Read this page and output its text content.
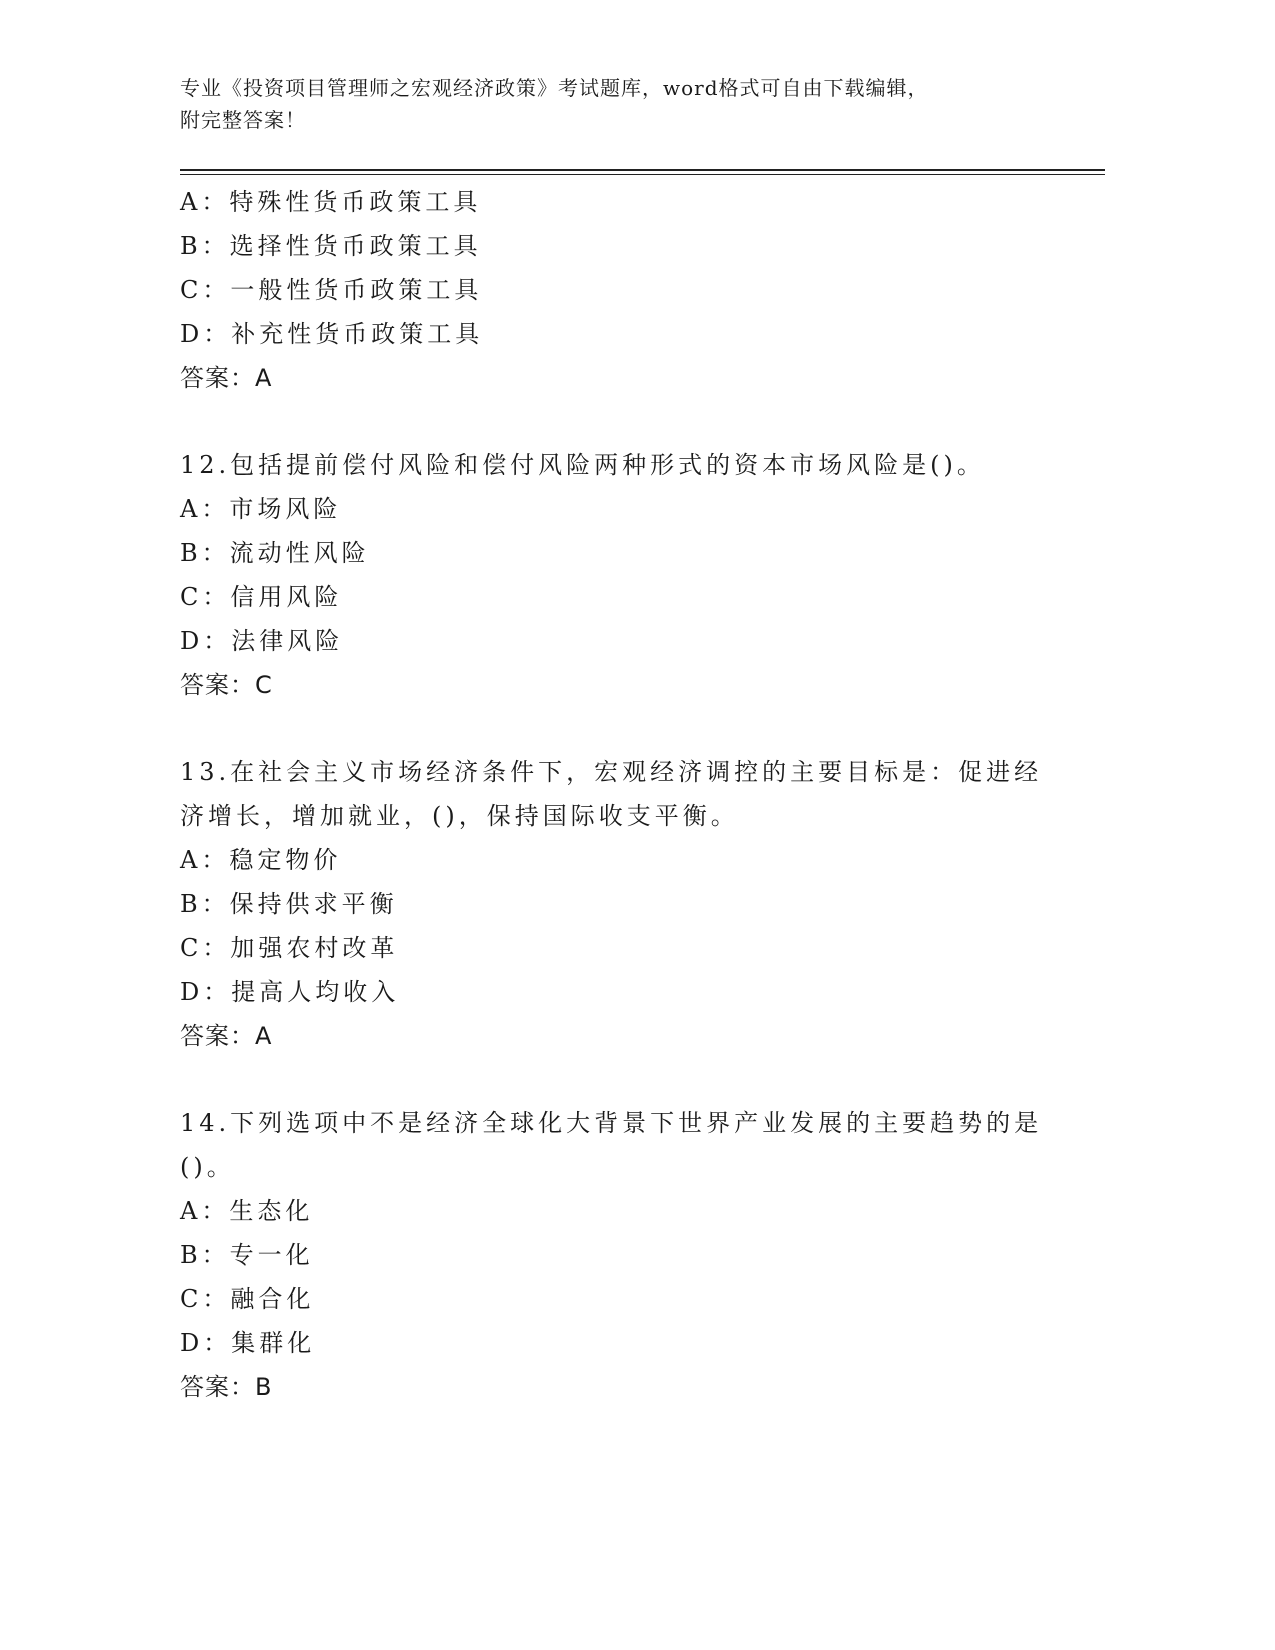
专业《投资项目管理师之宏观经济政策》考试题库，word格式可自由下载编辑，
附完整答案！
A：特殊性货币政策工具
B：选择性货币政策工具
C：一般性货币政策工具
D：补充性货币政策工具
答案：A
12.包括提前偿付风险和偿付风险两种形式的资本市场风险是()。
A：市场风险
B：流动性风险
C：信用风险
D：法律风险
答案：C
13.在社会主义市场经济条件下，宏观经济调控的主要目标是：促进经
济增长，增加就业，()，保持国际收支平衡。
A：稳定物价
B：保持供求平衡
C：加强农村改革
D：提高人均收入
答案：A
14.下列选项中不是经济全球化大背景下世界产业发展的主要趋势的是
()。
A：生态化
B：专一化
C：融合化
D：集群化
答案：B
